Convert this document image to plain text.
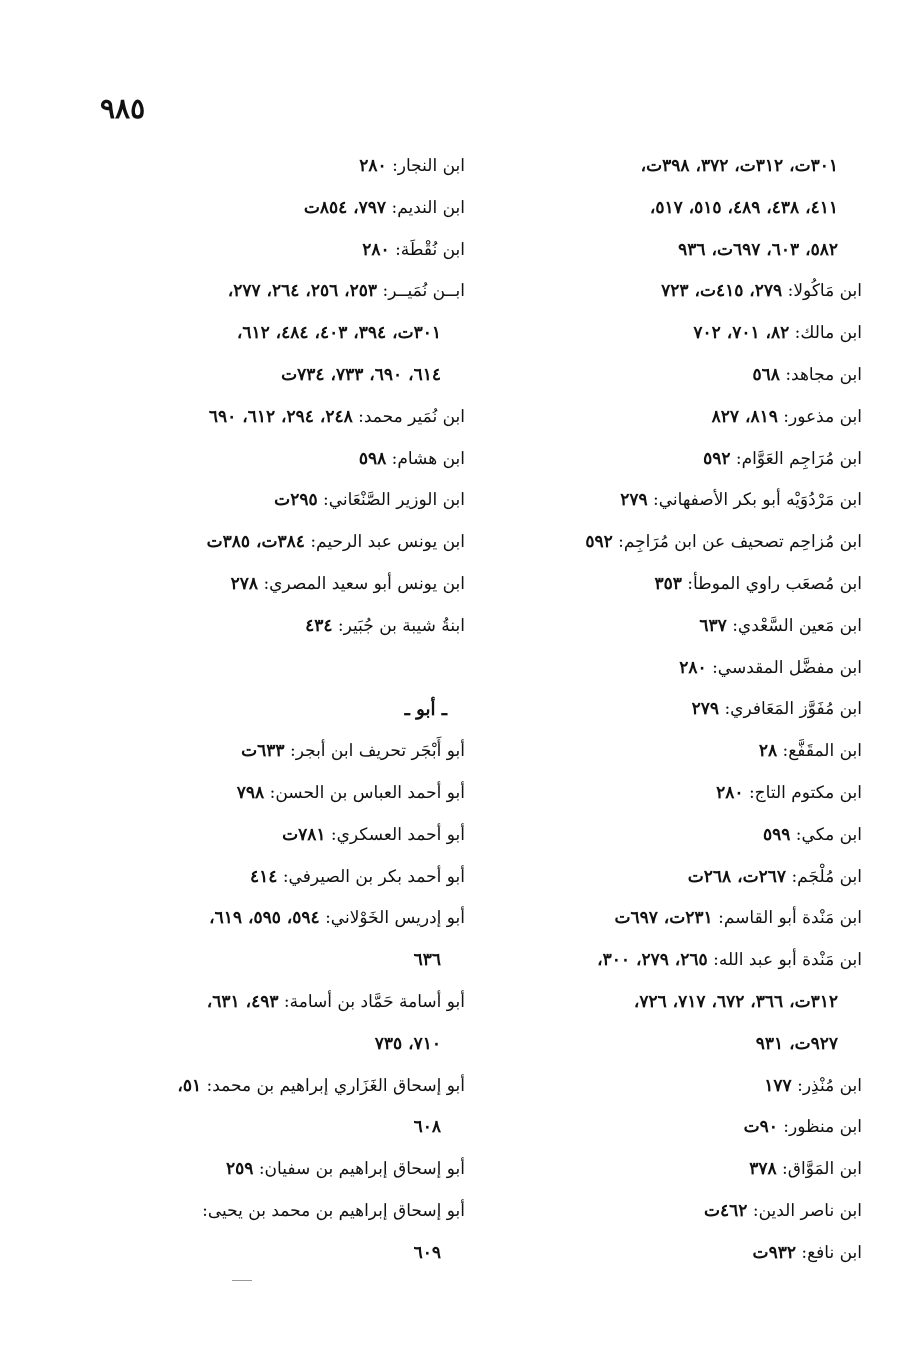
٩٨٥
٣٠١ت، ٣١٢ت، ٣٧٢، ٣٩٨ت،
٤١١، ٤٣٨، ٤٨٩، ٥١٥، ٥١٧،
٥٨٢، ٦٠٣، ٦٩٧ت، ٩٣٦
ابن مَاكُولا: ٢٧٩، ٤١٥ت، ٧٢٣
ابن مالك: ٨٢، ٧٠١، ٧٠٢
ابن مجاهد: ٥٦٨
ابن مذعور: ٨١٩، ٨٢٧
ابن مُرَاجِم العَوَّام: ٥٩٢
ابن مَرْدُوَيْه أبو بكر الأصفهاني: ٢٧٩
ابن مُزاحِم تصحيف عن ابن مُرَاجِم: ٥٩٢
ابن مُصعَب راوي الموطأ: ٣٥٣
ابن مَعين السَّعْدي: ٦٣٧
ابن مفضَّل المقدسي: ٢٨٠
ابن مُفَوَّز المَعَافري: ٢٧٩
ابن المقَفَّع: ٢٨
ابن مكتوم التاج: ٢٨٠
ابن مكي: ٥٩٩
ابن مُلْجَم: ٢٦٧ت، ٢٦٨ت
ابن مَنْدة أبو القاسم: ٢٣١ت، ٦٩٧ت
ابن مَنْدة أبو عبد الله: ٢٦٥، ٢٧٩، ٣٠٠،
٣١٢ت، ٣٦٦، ٦٧٢، ٧١٧، ٧٢٦،
٩٢٧ت، ٩٣١
ابن مُنْذِر: ١٧٧
ابن منظور: ٩٠ت
ابن المَوَّاق: ٣٧٨
ابن ناصر الدين: ٤٦٢ت
ابن نافع: ٩٣٢ت
ابن النجار: ٢٨٠
ابن النديم: ٧٩٧، ٨٥٤ت
ابن نُقْطَة: ٢٨٠
ابــن نُمَيــر: ٢٥٣، ٢٥٦، ٢٦٤، ٢٧٧،
٣٠١ت، ٣٩٤، ٤٠٣، ٤٨٤، ٦١٢،
٦١٤، ٦٩٠، ٧٣٣، ٧٣٤ت
ابن نُمَير محمد: ٢٤٨، ٢٩٤، ٦١٢، ٦٩٠
ابن هشام: ٥٩٨
ابن الوزير الصَّنْعَاني: ٢٩٥ت
ابن يونس عبد الرحيم: ٣٨٤ت، ٣٨٥ت
ابن يونس أبو سعيد المصري: ٢٧٨
ابنةُ شيبة بن جُبَير: ٤٣٤
ـ أبو ـ
أبو أَبْجَر تحريف ابن أبجر: ٦٣٣ت
أبو أحمد العباس بن الحسن: ٧٩٨
أبو أحمد العسكري: ٧٨١ت
أبو أحمد بكر بن الصيرفي: ٤١٤
أبو إدريس الخَوْلاني: ٥٩٤، ٥٩٥، ٦١٩،
٦٣٦
أبو أسامة حَمَّاد بن أسامة: ٤٩٣، ٦٣١،
٧١٠، ٧٣٥
أبو إسحاق الغَزَاري إبراهيم بن محمد: ٥١،
٦٠٨
أبو إسحاق إبراهيم بن سفيان: ٢٥٩
أبو إسحاق إبراهيم بن محمد بن يحيى:
٦٠٩
